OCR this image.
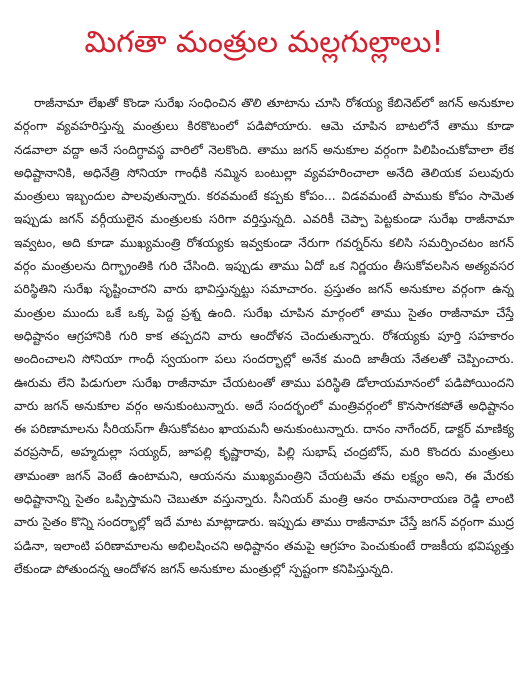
మిగతా మంత్రుల మల్లగుల్లాలు!

రాజీనామా లేఖతో కొండా సురేఖ సంధించిన తొలి తూటాను చూసి రోశయ్య కేబినెట్‌లో జగన్ అనుకూల వర్గంగా వ్యవహరిస్తున్న మంత్రులు కిరకొటంలో పడిపోయారు. ఆమె చూపిన బాటలోనే తాము కూడా నడవాలా వద్దా అనే సందిగ్ధావస్థ వారిలో నెలకొంది. తాము జగన్ అనుకూల వర్గంగా పిలిపించుకోవాలా లేక అధిష్టానానికి, అధినేత్రి సోనియా గాంధీకి నమ్మిన బంటుల్లా వ్యవహరించాలా అనేది తెలియక పలువురు మంత్రులు ఇబ్బందుల పాలవుతున్నారు. కరవమంటే కప్పకు కోపం... విడవమంటే పాముకు కోపం సామెత ఇప్పుడు జగన్ వర్గీయులైన మంత్రులకు సరిగా వర్తిస్తున్నది. ఎవరికీ చెప్పా పెట్టకుండా సురేఖ రాజీనామా ఇవ్వటం, అది కూడా ముఖ్యమంత్రి రోశయ్యకు ఇవ్వకుండా నేరుగా గవర్నర్‌ను కలిసి సమర్పించటం జగన్ వర్గం మంత్రులను దిగ్భ్రాంతికి గురి చేసింది. ఇప్పుడు తాము ఏదో ఒక నిర్ణయం తీసుకోవలసిన అత్యవసర పరిస్థితిని సురేఖ సృష్టించారని వారు భావిస్తున్నట్టు సమాచారం. ప్రస్తుతం జగన్ అనుకూల వర్గంగా ఉన్న మంత్రుల ముందు ఒకే ఒక్క పెద్ద ప్రశ్న ఉంది. సురేఖ చూపిన మార్గంలో తాము సైతం రాజీనామా చేస్తే అధిష్టానం ఆగ్రహానికి గురి కాక తప్పదని వారు ఆందోళన చెందుతున్నారు. రోశయ్యకు పూర్తి సహకారం అందించాలని సోనియా గాంధీ స్వయంగా పలు సందర్భాల్లో అనేక మంది జాతీయ నేతలతో చెప్పించారు. ఊరుమ లేని పిడుగులా సురేఖ రాజీనామా చేయటంతో తాము పరిస్థితి డోలాయమానంలో పడిపోయిందని వారు జగన్ అనుకూల వర్గం అనుకుంటున్నారు. అదే సందర్భంలో మంత్రివర్గంలో కొనసాగకపోతే అధిష్టానం ఈ పరిణామాలను సీరియస్‌గా తీసుకోవటం ఖాయమనీ అనుకుంటున్నారు. దానం నాగేందర్, డాక్టర్ మాణిక్య వరప్రసాద్, అహ్మదుల్లా సయ్యద్, జూపల్లి కృష్ణారావు, పిల్లి సుభాష్ చంద్రబోస్, మరి కొందరు మంత్రులు తామంతా జగన్ వెంటే ఉంటామని, ఆయనను ముఖ్యమంత్రిని చేయటమే తమ లక్ష్యం అని, ఈ మేరకు అధిష్టానాన్ని సైతం ఒప్పిస్తామని చెబుతూ వస్తున్నారు. సీనియర్ మంత్రి ఆనం రామనారాయణ రెడ్డి లాంటి వారు సైతం కొన్ని సందర్భాల్లో ఇదే మాట మాట్లాడారు. ఇప్పుడు తాము రాజీనామా చేస్తే జగన్ వర్గంగా ముద్ర పడినా, ఇలాంటి పరిణామాలను అభిలషించని అధిష్టానం తమపై ఆగ్రహం పెంచుకుంటే రాజకీయ భవిష్యత్తు లేకుండా పోతుందన్న ఆందోళన జగన్ అనుకూల మంత్రుల్లో స్పష్టంగా కనిపిస్తున్నది.
